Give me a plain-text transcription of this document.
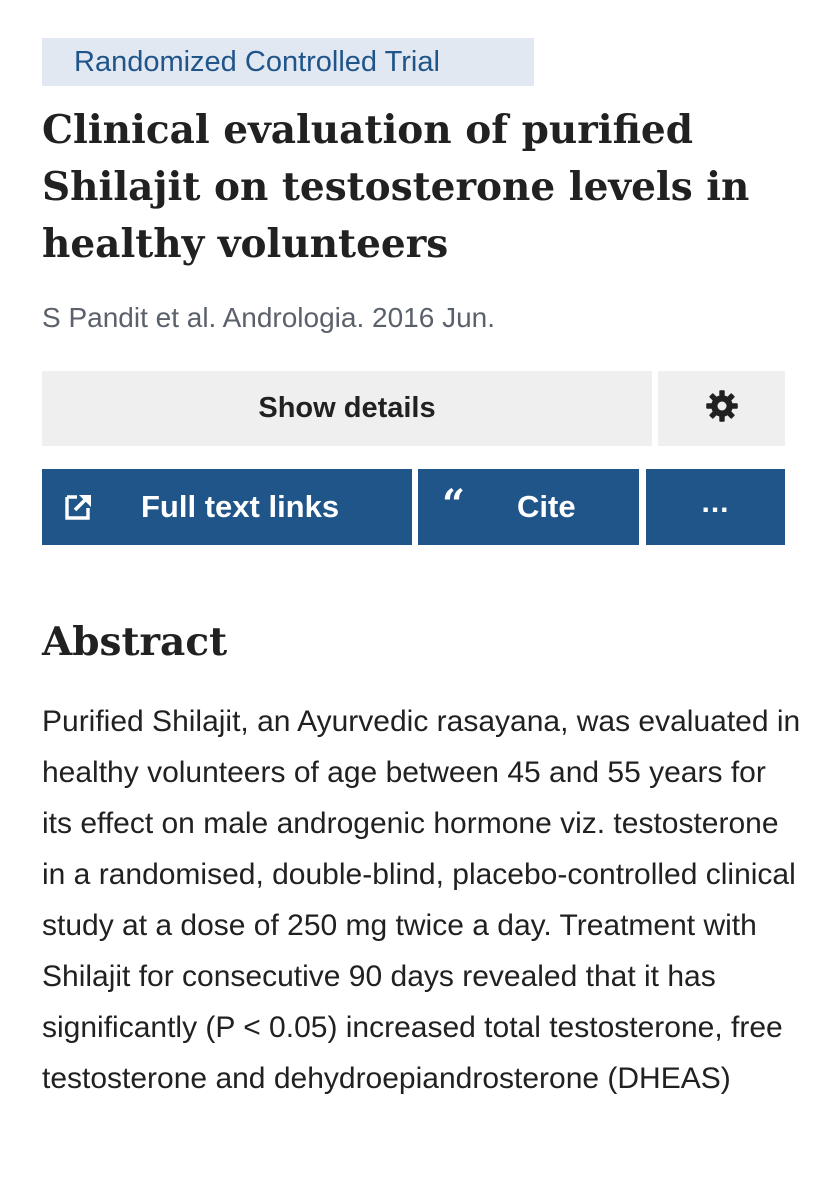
Randomized Controlled Trial
Clinical evaluation of purified Shilajit on testosterone levels in healthy volunteers
S Pandit et al. Andrologia. 2016 Jun.
Show details
Full text links	“ Cite	...
Abstract

Purified Shilajit, an Ayurvedic rasayana, was evaluated in healthy volunteers of age between 45 and 55 years for its effect on male androgenic hormone viz. testosterone in a randomised, double-blind, placebo-controlled clinical study at a dose of 250 mg twice a day. Treatment with Shilajit for consecutive 90 days revealed that it has significantly (P < 0.05) increased total testosterone, free testosterone and dehydroepiandrosterone (DHEAS)
